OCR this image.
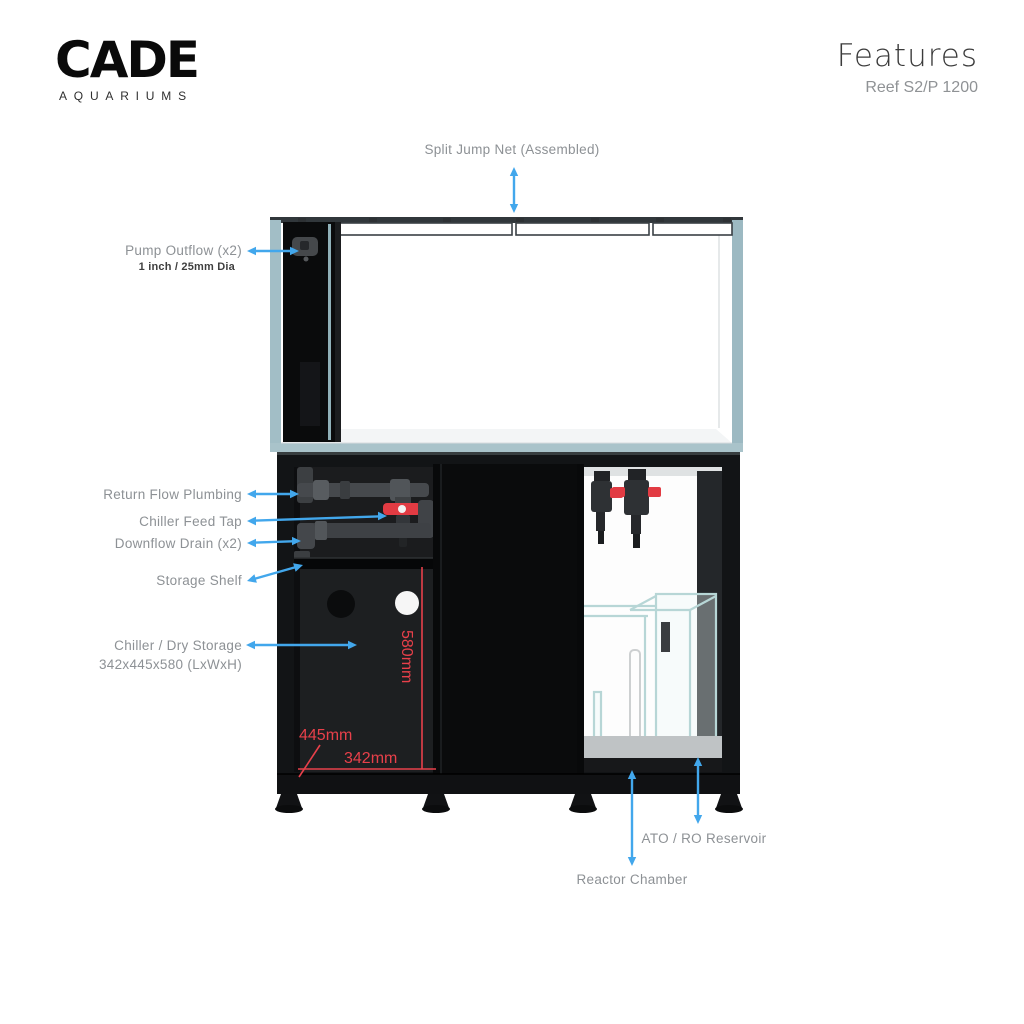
CADE
AQUARIUMS
Features
Reef S2/P 1200
Split Jump Net (Assembled)
Pump Outflow (x2)
1 inch / 25mm Dia
Return Flow Plumbing
Chiller Feed Tap
Downflow Drain (x2)
Storage Shelf
Chiller / Dry Storage
342x445x580 (LxWxH)
ATO / RO Reservoir
Reactor Chamber
580mm
445mm
342mm
